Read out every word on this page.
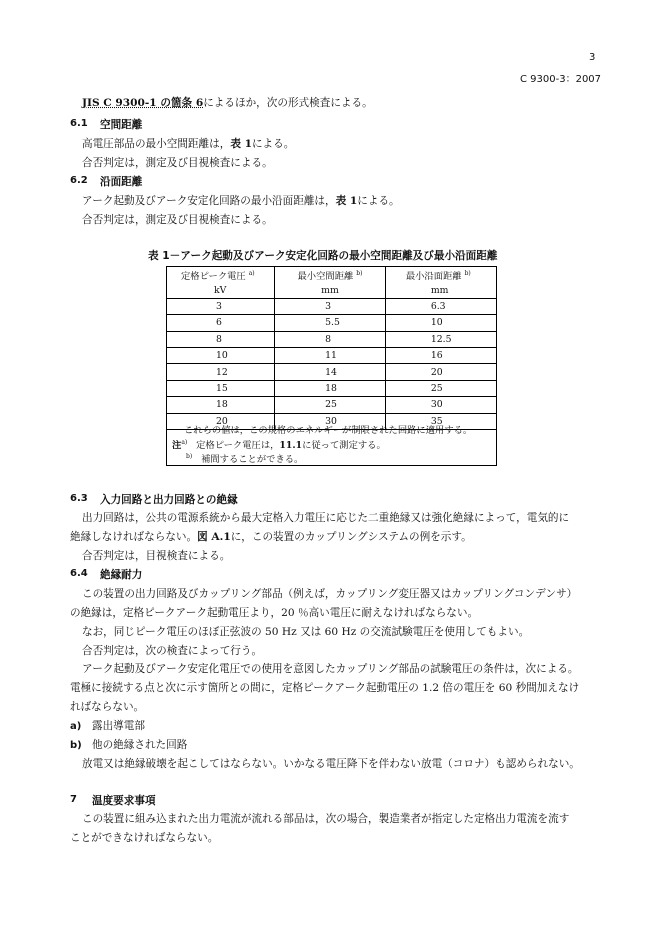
3
C 9300-3：2007
JIS C 9300-1 の箇条 6によるほか，次の形式検査による。
6.1 空間距離
高電圧部品の最小空間距離は，表 1による。
合否判定は，測定及び目視検査による。
6.2 沿面距離
アーク起動及びアーク安定化回路の最小沿面距離は，表 1による。
合否判定は，測定及び目視検査による。
表 1－アーク起動及びアーク安定化回路の最小空間距離及び最小沿面距離
定格ピーク電圧 $^{a)}$	最小空間距離 $^{b)}$	最小沿面距離 $^{b)}$
kV	mm	mm
3	3	6.3
6	5.5	10
8	8	12.5
10	11	16
12	14	20
15	18	25
18	25	30
20	30	35
これらの値は，この規格のエネルギーが制限された回路に適用する。
注$^{a)}$ 定格ピーク電圧は，11.1に従って測定する。
$^{b)}$ 補間することができる。
6.3 入力回路と出力回路との絶縁
出力回路は，公共の電源系統から最大定格入力電圧に応じた二重絶縁又は強化絶縁によって，電気的に
絶縁しなければならない。図 A.1に，この装置のカップリングシステムの例を示す。
合否判定は，目視検査による。
6.4 絶縁耐力
この装置の出力回路及びカップリング部品（例えば，カップリング変圧器又はカップリングコンデンサ）
の絶縁は，定格ピークアーク起動電圧より，20 ％高い電圧に耐えなければならない。
なお，同じピーク電圧のほぼ正弦波の 50 Hz 又は 60 Hz の交流試験電圧を使用してもよい。
合否判定は，次の検査によって行う。
アーク起動及びアーク安定化電圧での使用を意図したカップリング部品の試験電圧の条件は，次による。
電極に接続する点と次に示す箇所との間に，定格ピークアーク起動電圧の 1.2 倍の電圧を 60 秒間加えなけ
ればならない。
a) 露出導電部
b) 他の絶縁された回路
放電又は絶縁破壊を起こしてはならない。いかなる電圧降下を伴わない放電（コロナ）も認められない。
7 温度要求事項
この装置に組み込まれた出力電流が流れる部品は，次の場合，製造業者が指定した定格出力電流を流す
ことができなければならない。
